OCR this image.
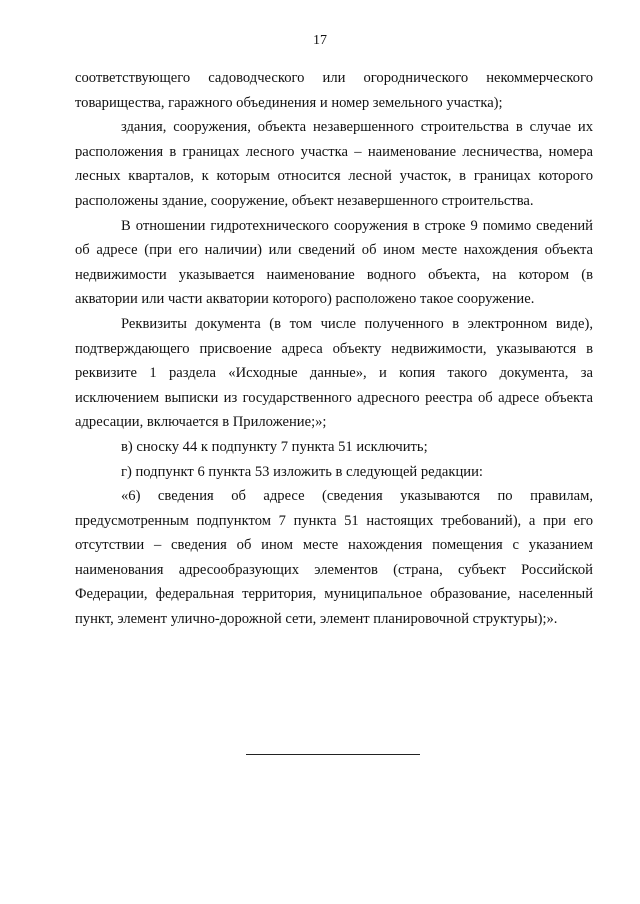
17

соответствующего садоводческого или огороднического некоммерческого товарищества, гаражного объединения и номер земельного участка);

здания, сооружения, объекта незавершенного строительства в случае их расположения в границах лесного участка – наименование лесничества, номера лесных кварталов, к которым относится лесной участок, в границах которого расположены здание, сооружение, объект незавершенного строительства.

В отношении гидротехнического сооружения в строке 9 помимо сведений об адресе (при его наличии) или сведений об ином месте нахождения объекта недвижимости указывается наименование водного объекта, на котором (в акватории или части акватории которого) расположено такое сооружение.

Реквизиты документа (в том числе полученного в электронном виде), подтверждающего присвоение адреса объекту недвижимости, указываются в реквизите 1 раздела «Исходные данные», и копия такого документа, за исключением выписки из государственного адресного реестра об адресе объекта адресации, включается в Приложение;»;

в) сноску 44 к подпункту 7 пункта 51 исключить;

г) подпункт 6 пункта 53 изложить в следующей редакции:

«6) сведения об адресе (сведения указываются по правилам, предусмотренным подпунктом 7 пункта 51 настоящих требований), а при его отсутствии – сведения об ином месте нахождения помещения с указанием наименования адресообразующих элементов (страна, субъект Российской Федерации, федеральная территория, муниципальное образование, населенный пункт, элемент улично-дорожной сети, элемент планировочной структуры);».
